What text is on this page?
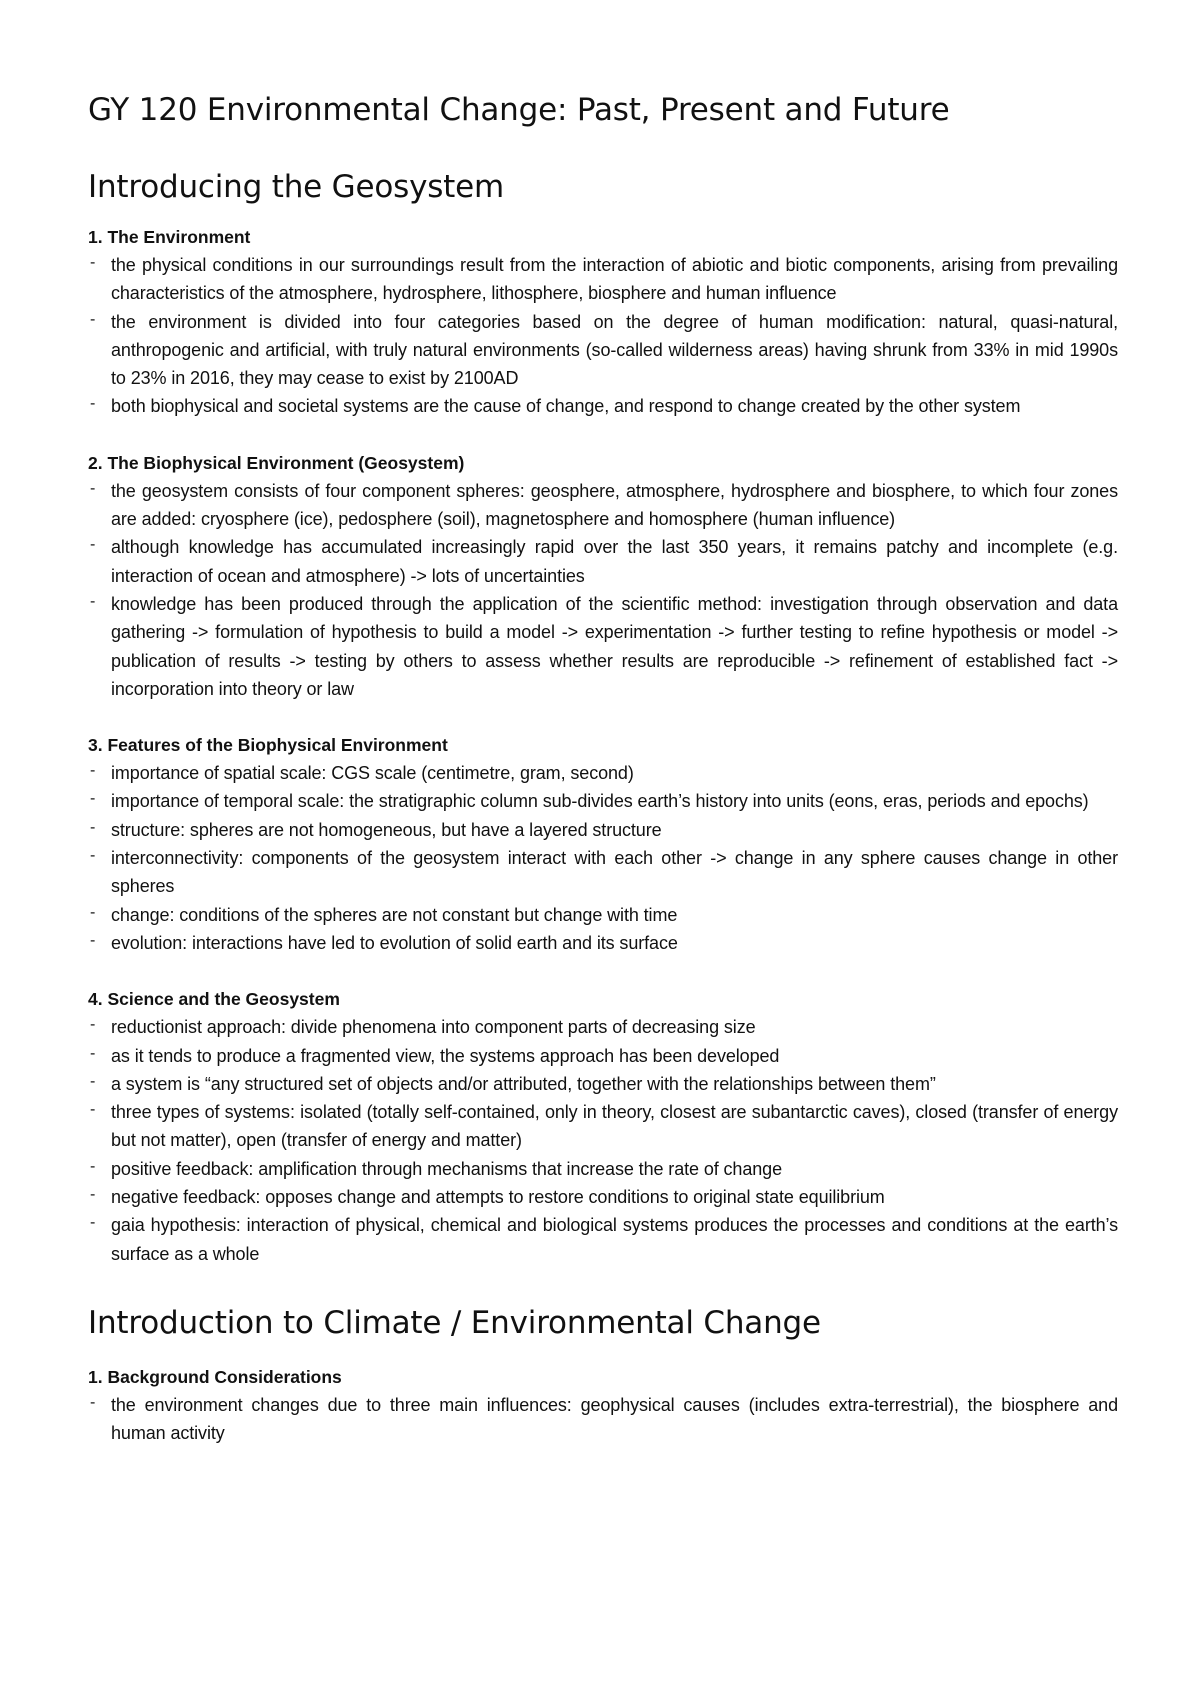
GY 120 Environmental Change: Past, Present and Future
Introducing the Geosystem
1. The Environment
- the physical conditions in our surroundings result from the interaction of abiotic and biotic components, arising from prevailing characteristics of the atmosphere, hydrosphere, lithosphere, biosphere and human influence
- the environment is divided into four categories based on the degree of human modification: natural, quasi-natural, anthropogenic and artificial, with truly natural environments (so-called wilderness areas) having shrunk from 33% in mid 1990s to 23% in 2016, they may cease to exist by 2100AD
- both biophysical and societal systems are the cause of change, and respond to change created by the other system
2. The Biophysical Environment (Geosystem)
- the geosystem consists of four component spheres: geosphere, atmosphere, hydrosphere and biosphere, to which four zones are added: cryosphere (ice), pedosphere (soil), magnetosphere and homosphere (human influence)
- although knowledge has accumulated increasingly rapid over the last 350 years, it remains patchy and incomplete (e.g. interaction of ocean and atmosphere) -> lots of uncertainties
- knowledge has been produced through the application of the scientific method: investigation through observation and data gathering -> formulation of hypothesis to build a model -> experimentation -> further testing to refine hypothesis or model -> publication of results -> testing by others to assess whether results are reproducible -> refinement of established fact -> incorporation into theory or law
3. Features of the Biophysical Environment
- importance of spatial scale: CGS scale (centimetre, gram, second)
- importance of temporal scale: the stratigraphic column sub-divides earth’s history into units (eons, eras, periods and epochs)
- structure: spheres are not homogeneous, but have a layered structure
- interconnectivity: components of the geosystem interact with each other -> change in any sphere causes change in other spheres
- change: conditions of the spheres are not constant but change with time
- evolution: interactions have led to evolution of solid earth and its surface
4. Science and the Geosystem
- reductionist approach: divide phenomena into component parts of decreasing size
- as it tends to produce a fragmented view, the systems approach has been developed
- a system is “any structured set of objects and/or attributed, together with the relationships between them”
- three types of systems: isolated (totally self-contained, only in theory, closest are subantarctic caves), closed (transfer of energy but not matter), open (transfer of energy and matter)
- positive feedback: amplification through mechanisms that increase the rate of change
- negative feedback: opposes change and attempts to restore conditions to original state equilibrium
- gaia hypothesis: interaction of physical, chemical and biological systems produces the processes and conditions at the earth’s surface as a whole
Introduction to Climate / Environmental Change
1. Background Considerations
- the environment changes due to three main influences: geophysical causes (includes extra-terrestrial), the biosphere and human activity
